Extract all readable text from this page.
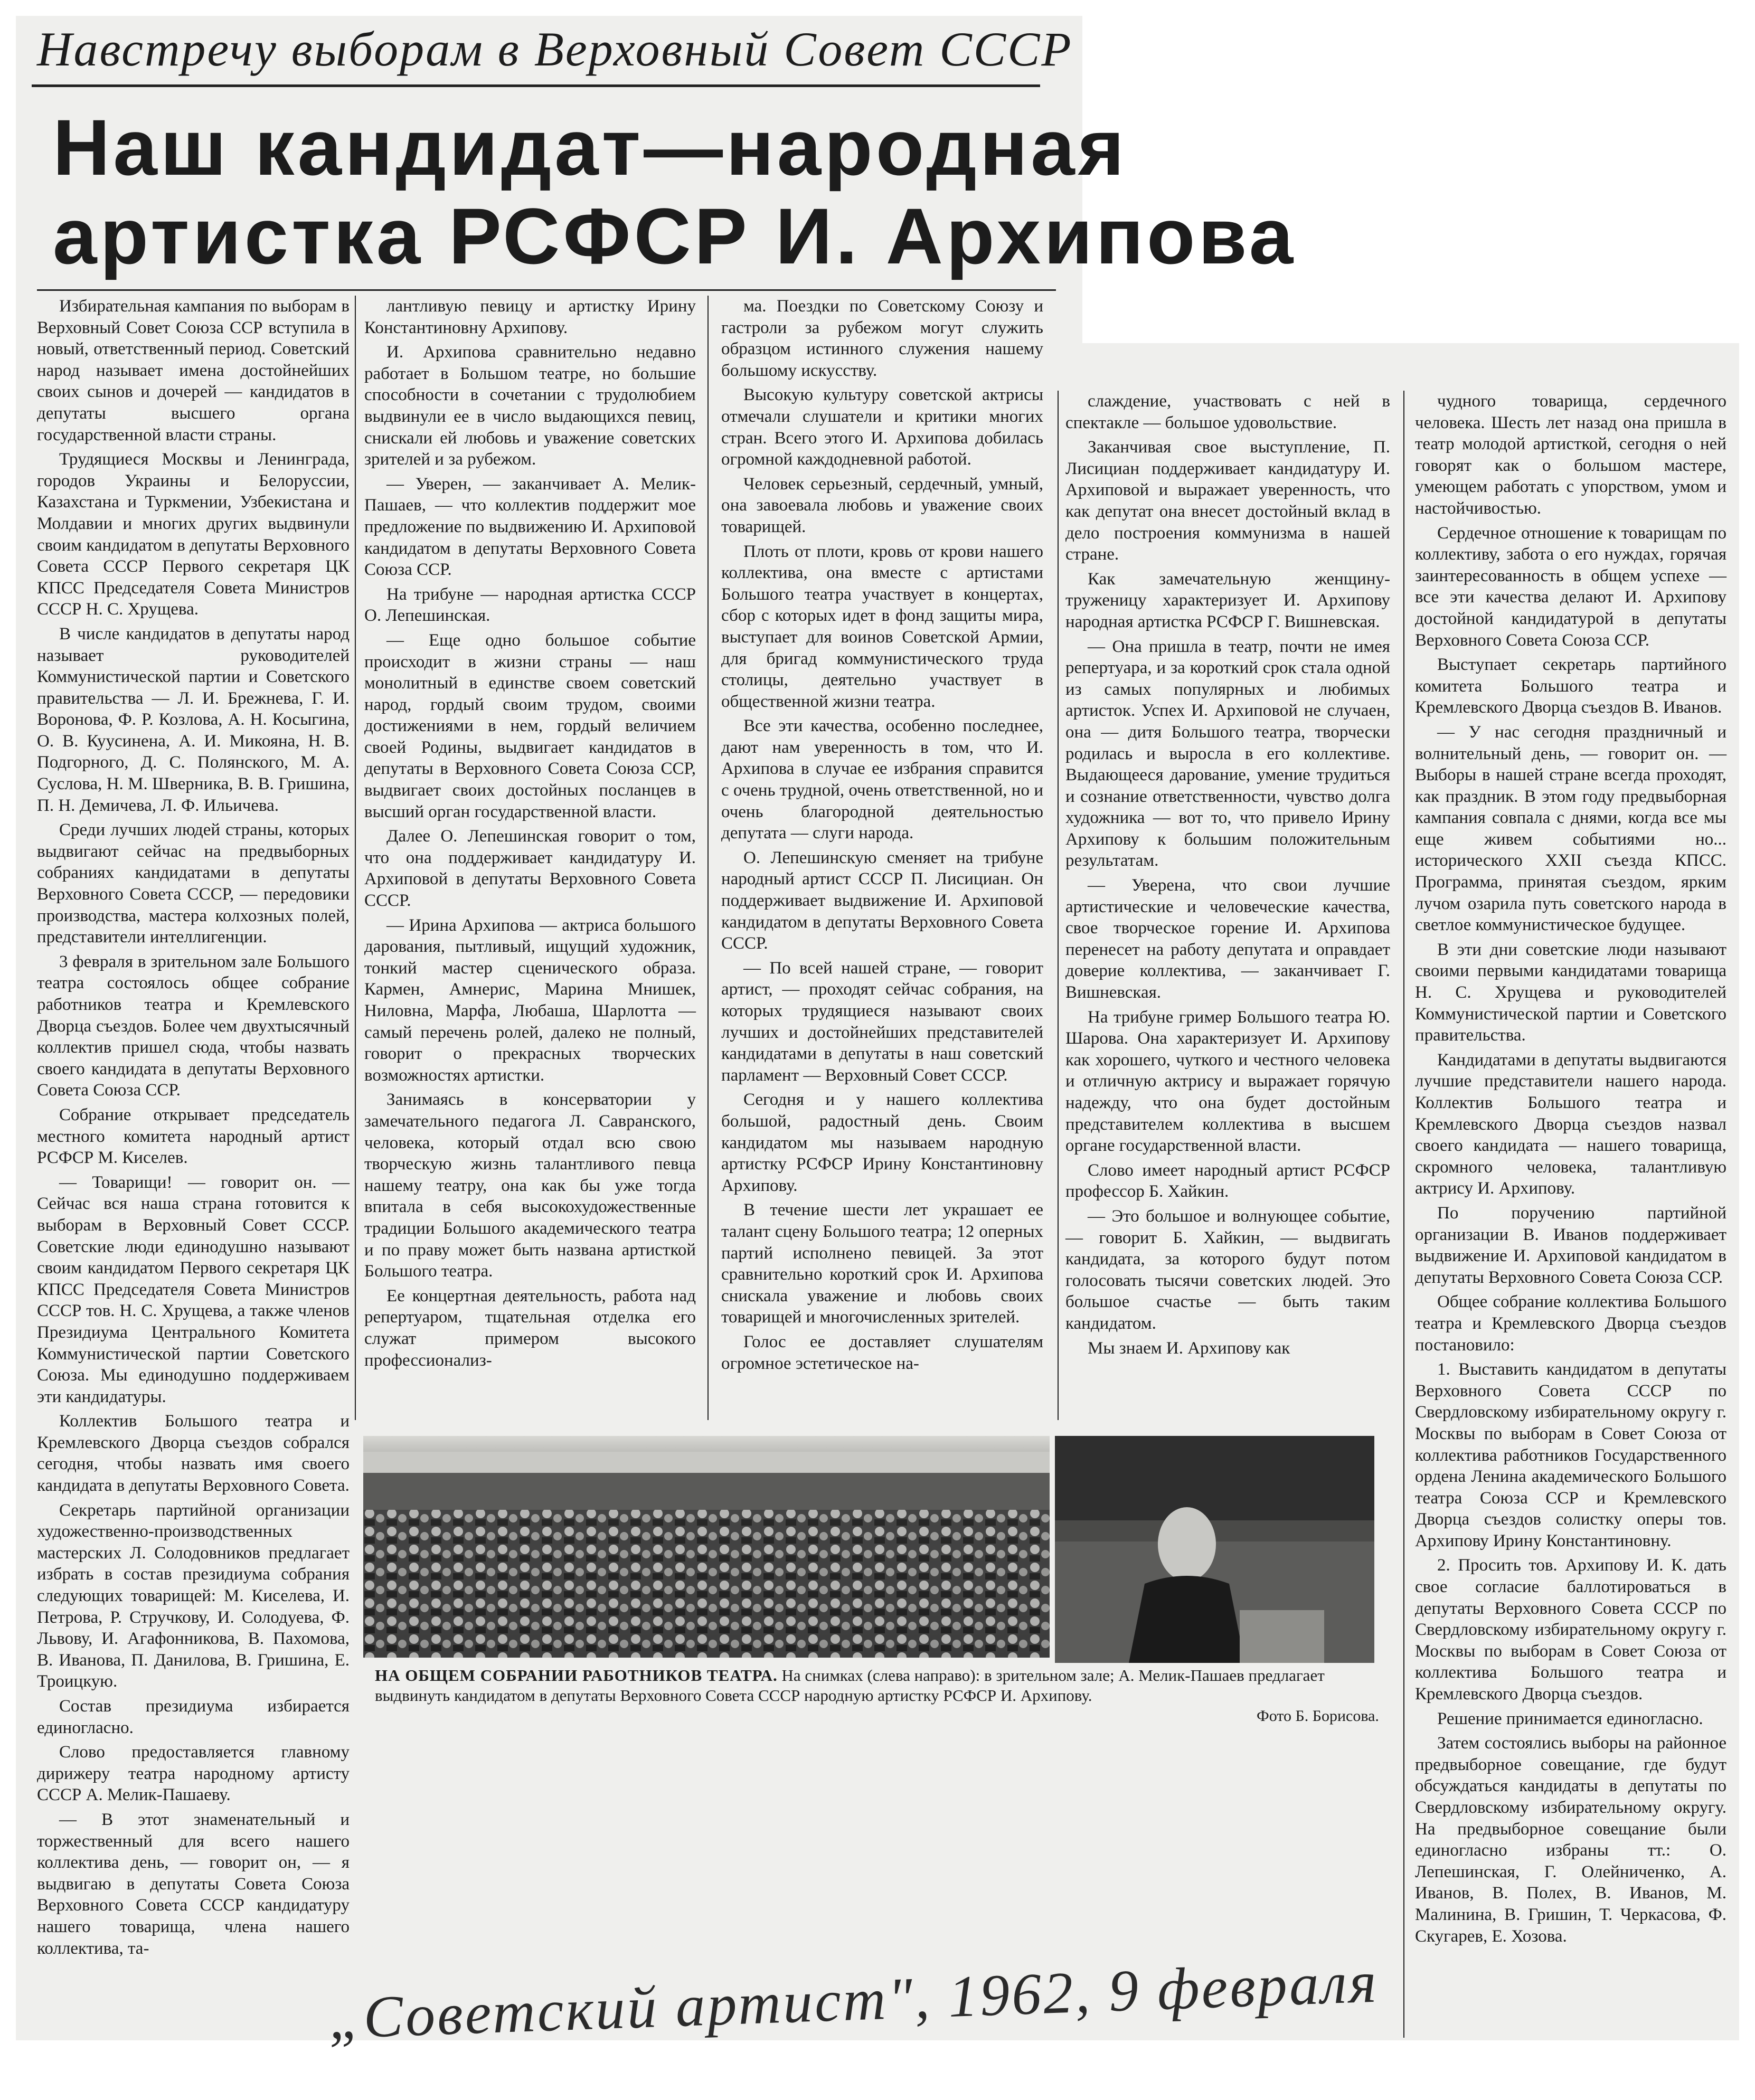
Навстречу выборам в Верховный Совет СССР
Наш кандидат—народная
артистка РСФСР И. Архипова

Избирательная кампания по выборам в Верховный Совет Союза ССР вступила в новый, ответственный период. Советский народ называет имена достойнейших своих сынов и дочерей — кандидатов в депутаты высшего органа государственной власти страны.

Трудящиеся Москвы и Ленинграда, городов Украины и Белоруссии, Казахстана и Туркмении, Узбекистана и Молдавии и многих других выдвинули своим кандидатом в депутаты Верховного Совета СССР Первого секретаря ЦК КПСС Председателя Совета Министров СССР Н. С. Хрущева.

В числе кандидатов в депутаты народ называет руководителей Коммунистической партии и Советского правительства — Л. И. Брежнева, Г. И. Воронова, Ф. Р. Козлова, А. Н. Косыгина, О. В. Куусинена, А. И. Микояна, Н. В. Подгорного, Д. С. Полянского, М. А. Суслова, Н. М. Шверника, В. В. Гришина, П. Н. Демичева, Л. Ф. Ильичева.

Среди лучших людей страны, которых выдвигают сейчас на предвыборных собраниях кандидатами в депутаты Верховного Совета СССР, — передовики производства, мастера колхозных полей, представители интеллигенции.

3 февраля в зрительном зале Большого театра состоялось общее собрание работников театра и Кремлевского Дворца съездов. Более чем двухтысячный коллектив пришел сюда, чтобы назвать своего кандидата в депутаты Верховного Совета Союза ССР.

Собрание открывает председатель местного комитета народный артист РСФСР М. Киселев.

— Товарищи! — говорит он. — Сейчас вся наша страна готовится к выборам в Верховный Совет СССР. Советские люди единодушно называют своим кандидатом Первого секретаря ЦК КПСС Председателя Совета Министров СССР тов. Н. С. Хрущева, а также членов Президиума Центрального Комитета Коммунистической партии Советского Союза. Мы единодушно поддерживаем эти кандидатуры.

Коллектив Большого театра и Кремлевского Дворца съездов собрался сегодня, чтобы назвать имя своего кандидата в депутаты Верховного Совета.

Секретарь партийной организации художественно-производственных мастерских Л. Солодовников предлагает избрать в состав президиума собрания следующих товарищей: М. Киселева, И. Петрова, Р. Стручкову, И. Солодуева, Ф. Львову, И. Агафонникова, В. Пахомова, В. Иванова, П. Данилова, В. Гришина, Е. Троицкую.

Состав президиума избирается единогласно.

Слово предоставляется главному дирижеру театра народному артисту СССР А. Мелик-Пашаеву.

— В этот знаменательный и торжественный для всего нашего коллектива день, — говорит он, — я выдвигаю в депутаты Совета Союза Верховного Совета СССР кандидатуру нашего товарища, члена нашего коллектива, та-

лантливую певицу и артистку Ирину Константиновну Архипову.

И. Архипова сравнительно недавно работает в Большом театре, но большие способности в сочетании с трудолюбием выдвинули ее в число выдающихся певиц, снискали ей любовь и уважение советских зрителей и за рубежом.

— Уверен, — заканчивает А. Мелик-Пашаев, — что коллектив поддержит мое предложение по выдвижению И. Архиповой кандидатом в депутаты Верховного Совета Союза ССР.

На трибуне — народная артистка СССР О. Лепешинская.

— Еще одно большое событие происходит в жизни страны — наш монолитный в единстве своем советский народ, гордый своим трудом, своими достижениями в нем, гордый величием своей Родины, выдвигает кандидатов в депутаты в Верховного Совета Союза ССР, выдвигает своих достойных посланцев в высший орган государственной власти.

Далее О. Лепешинская говорит о том, что она поддерживает кандидатуру И. Архиповой в депутаты Верховного Совета СССР.

— Ирина Архипова — актриса большого дарования, пытливый, ищущий художник, тонкий мастер сценического образа. Кармен, Амнерис, Марина Мнишек, Ниловна, Марфа, Любаша, Шарлотта — самый перечень ролей, далеко не полный, говорит о прекрасных творческих возможностях артистки.

Занимаясь в консерватории у замечательного педагога Л. Савранского, человека, который отдал всю свою творческую жизнь талантливого певца нашему театру, она как бы уже тогда впитала в себя высокохудожественные традиции Большого академического театра и по праву может быть названа артисткой Большого театра.

Ее концертная деятельность, работа над репертуаром, тщательная отделка его служат примером высокого профессионализ-

ма. Поездки по Советскому Союзу и гастроли за рубежом могут служить образцом истинного служения нашему большому искусству.

Высокую культуру советской актрисы отмечали слушатели и критики многих стран. Всего этого И. Архипова добилась огромной каждодневной работой.

Человек серьезный, сердечный, умный, она завоевала любовь и уважение своих товарищей.

Плоть от плоти, кровь от крови нашего коллектива, она вместе с артистами Большого театра участвует в концертах, сбор с которых идет в фонд защиты мира, выступает для воинов Советской Армии, для бригад коммунистического труда столицы, деятельно участвует в общественной жизни театра.

Все эти качества, особенно последнее, дают нам уверенность в том, что И. Архипова в случае ее избрания справится с очень трудной, очень ответственной, но и очень благородной деятельностью депутата — слуги народа.

О. Лепешинскую сменяет на трибуне народный артист СССР П. Лисициан. Он поддерживает выдвижение И. Архиповой кандидатом в депутаты Верховного Совета СССР.

— По всей нашей стране, — говорит артист, — проходят сейчас собрания, на которых трудящиеся называют своих лучших и достойнейших представителей кандидатами в депутаты в наш советский парламент — Верховный Совет СССР.

Сегодня и у нашего коллектива большой, радостный день. Своим кандидатом мы называем народную артистку РСФСР Ирину Константиновну Архипову.

В течение шести лет украшает ее талант сцену Большого театра; 12 оперных партий исполнено певицей. За этот сравнительно короткий срок И. Архипова снискала уважение и любовь своих товарищей и многочисленных зрителей.

Голос ее доставляет слушателям огромное эстетическое на-

слаждение, участвовать с ней в спектакле — большое удовольствие.

Заканчивая свое выступление, П. Лисициан поддерживает кандидатуру И. Архиповой и выражает уверенность, что как депутат она внесет достойный вклад в дело построения коммунизма в нашей стране.

Как замечательную женщину-труженицу характеризует И. Архипову народная артистка РСФСР Г. Вишневская.

— Она пришла в театр, почти не имея репертуара, и за короткий срок стала одной из самых популярных и любимых артисток. Успех И. Архиповой не случаен, она — дитя Большого театра, творчески родилась и выросла в его коллективе. Выдающееся дарование, умение трудиться и сознание ответственности, чувство долга художника — вот то, что привело Ирину Архипову к большим положительным результатам.

— Уверена, что свои лучшие артистические и человеческие качества, свое творческое горение И. Архипова перенесет на работу депутата и оправдает доверие коллектива, — заканчивает Г. Вишневская.

На трибуне гример Большого театра Ю. Шарова. Она характеризует И. Архипову как хорошего, чуткого и честного человека и отличную актрису и выражает горячую надежду, что она будет достойным представителем коллектива в высшем органе государственной власти.

Слово имеет народный артист РСФСР профессор Б. Хайкин.

— Это большое и волнующее событие, — говорит Б. Хайкин, — выдвигать кандидата, за которого будут потом голосовать тысячи советских людей. Это большое счастье — быть таким кандидатом.

Мы знаем И. Архипову как

чудного товарища, сердечного человека. Шесть лет назад она пришла в театр молодой артисткой, сегодня о ней говорят как о большом мастере, умеющем работать с упорством, умом и настойчивостью.

Сердечное отношение к товарищам по коллективу, забота о его нуждах, горячая заинтересованность в общем успехе — все эти качества делают И. Архипову достойной кандидатурой в депутаты Верховного Совета Союза ССР.

Выступает секретарь партийного комитета Большого театра и Кремлевского Дворца съездов В. Иванов.

— У нас сегодня праздничный и волнительный день, — говорит он. — Выборы в нашей стране всегда проходят, как праздник. В этом году предвыборная кампания совпала с днями, когда все мы еще живем событиями но... исторического XXII съезда КПСС. Программа, принятая съездом, ярким лучом озарила путь советского народа в светлое коммунистическое будущее.

В эти дни советские люди называют своими первыми кандидатами товарища Н. С. Хрущева и руководителей Коммунистической партии и Советского правительства.

Кандидатами в депутаты выдвигаются лучшие представители нашего народа. Коллектив Большого театра и Кремлевского Дворца съездов назвал своего кандидата — нашего товарища, скромного человека, талантливую актрису И. Архипову.

По поручению партийной организации В. Иванов поддерживает выдвижение И. Архиповой кандидатом в депутаты Верховного Совета Союза ССР.

Общее собрание коллектива Большого театра и Кремлевского Дворца съездов постановило:

1. Выставить кандидатом в депутаты Верховного Совета СССР по Свердловскому избирательному округу г. Москвы по выборам в Совет Союза от коллектива работников Государственного ордена Ленина академического Большого театра Союза ССР и Кремлевского Дворца съездов солистку оперы тов. Архипову Ирину Константиновну.

2. Просить тов. Архипову И. К. дать свое согласие баллотироваться в депутаты Верховного Совета СССР по Свердловскому избирательному округу г. Москвы по выборам в Совет Союза от коллектива Большого театра и Кремлевского Дворца съездов.

Решение принимается единогласно.

Затем состоялись выборы на районное предвыборное совещание, где будут обсуждаться кандидаты в депутаты по Свердловскому избирательному округу. На предвыборное совещание были единогласно избраны тт.: О. Лепешинская, Г. Олейниченко, А. Иванов, В. Полех, В. Иванов, М. Малинина, В. Гришин, Т. Черкасова, Ф. Скугарев, Е. Хозова.

НА ОБЩЕМ СОБРАНИИ РАБОТНИКОВ ТЕАТРА. На снимках (слева направо): в зрительном зале; А. Мелик-Пашаев предлагает выдвинуть кандидатом в депутаты Верховного Совета СССР народную артистку РСФСР И. Архипову.
Фото Б. Борисова.
„Советский артист", 1962, 9 февраля
